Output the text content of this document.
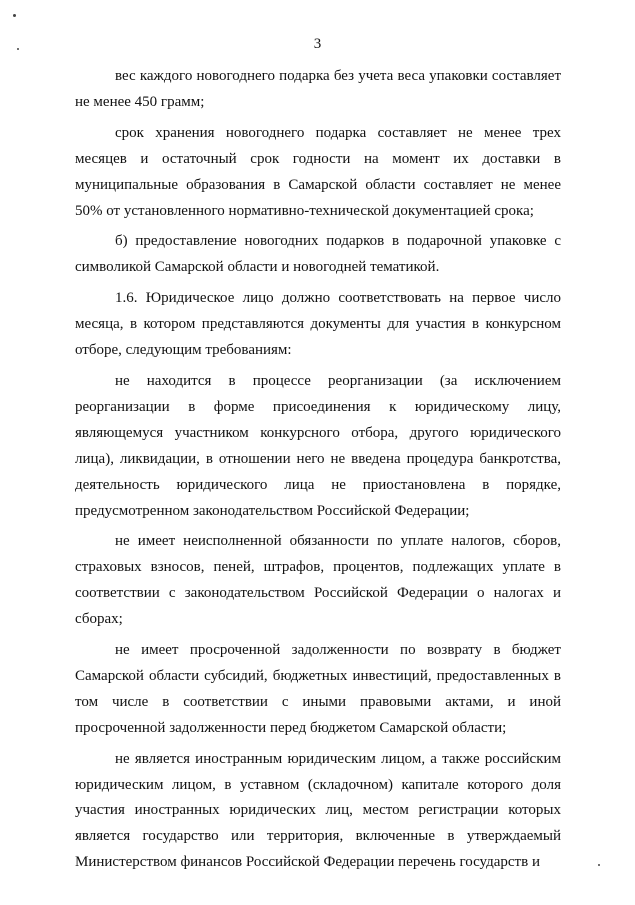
3

вес каждого новогоднего подарка без учета веса упаковки составляет не менее 450 грамм;

срок хранения новогоднего подарка составляет не менее трех месяцев и остаточный срок годности на момент их доставки в муниципальные образования в Самарской области составляет не менее 50% от установленного нормативно-технической документацией срока;

б) предоставление новогодних подарков в подарочной упаковке с символикой Самарской области и новогодней тематикой.

1.6. Юридическое лицо должно соответствовать на первое число месяца, в котором представляются документы для участия в конкурсном отборе, следующим требованиям:

не находится в процессе реорганизации (за исключением реорганизации в форме присоединения к юридическому лицу, являющемуся участником конкурсного отбора, другого юридического лица), ликвидации, в отношении него не введена процедура банкротства, деятельность юридического лица не приостановлена в порядке, предусмотренном законодательством Российской Федерации;

не имеет неисполненной обязанности по уплате налогов, сборов, страховых взносов, пеней, штрафов, процентов, подлежащих уплате в соответствии с законодательством Российской Федерации о налогах и сборах;

не имеет просроченной задолженности по возврату в бюджет Самарской области субсидий, бюджетных инвестиций, предоставленных в том числе в соответствии с иными правовыми актами, и иной просроченной задолженности перед бюджетом Самарской области;

не является иностранным юридическим лицом, а также российским юридическим лицом, в уставном (складочном) капитале которого доля участия иностранных юридических лиц, местом регистрации которых является государство или территория, включенные в утверждаемый Министерством финансов Российской Федерации перечень государств и
